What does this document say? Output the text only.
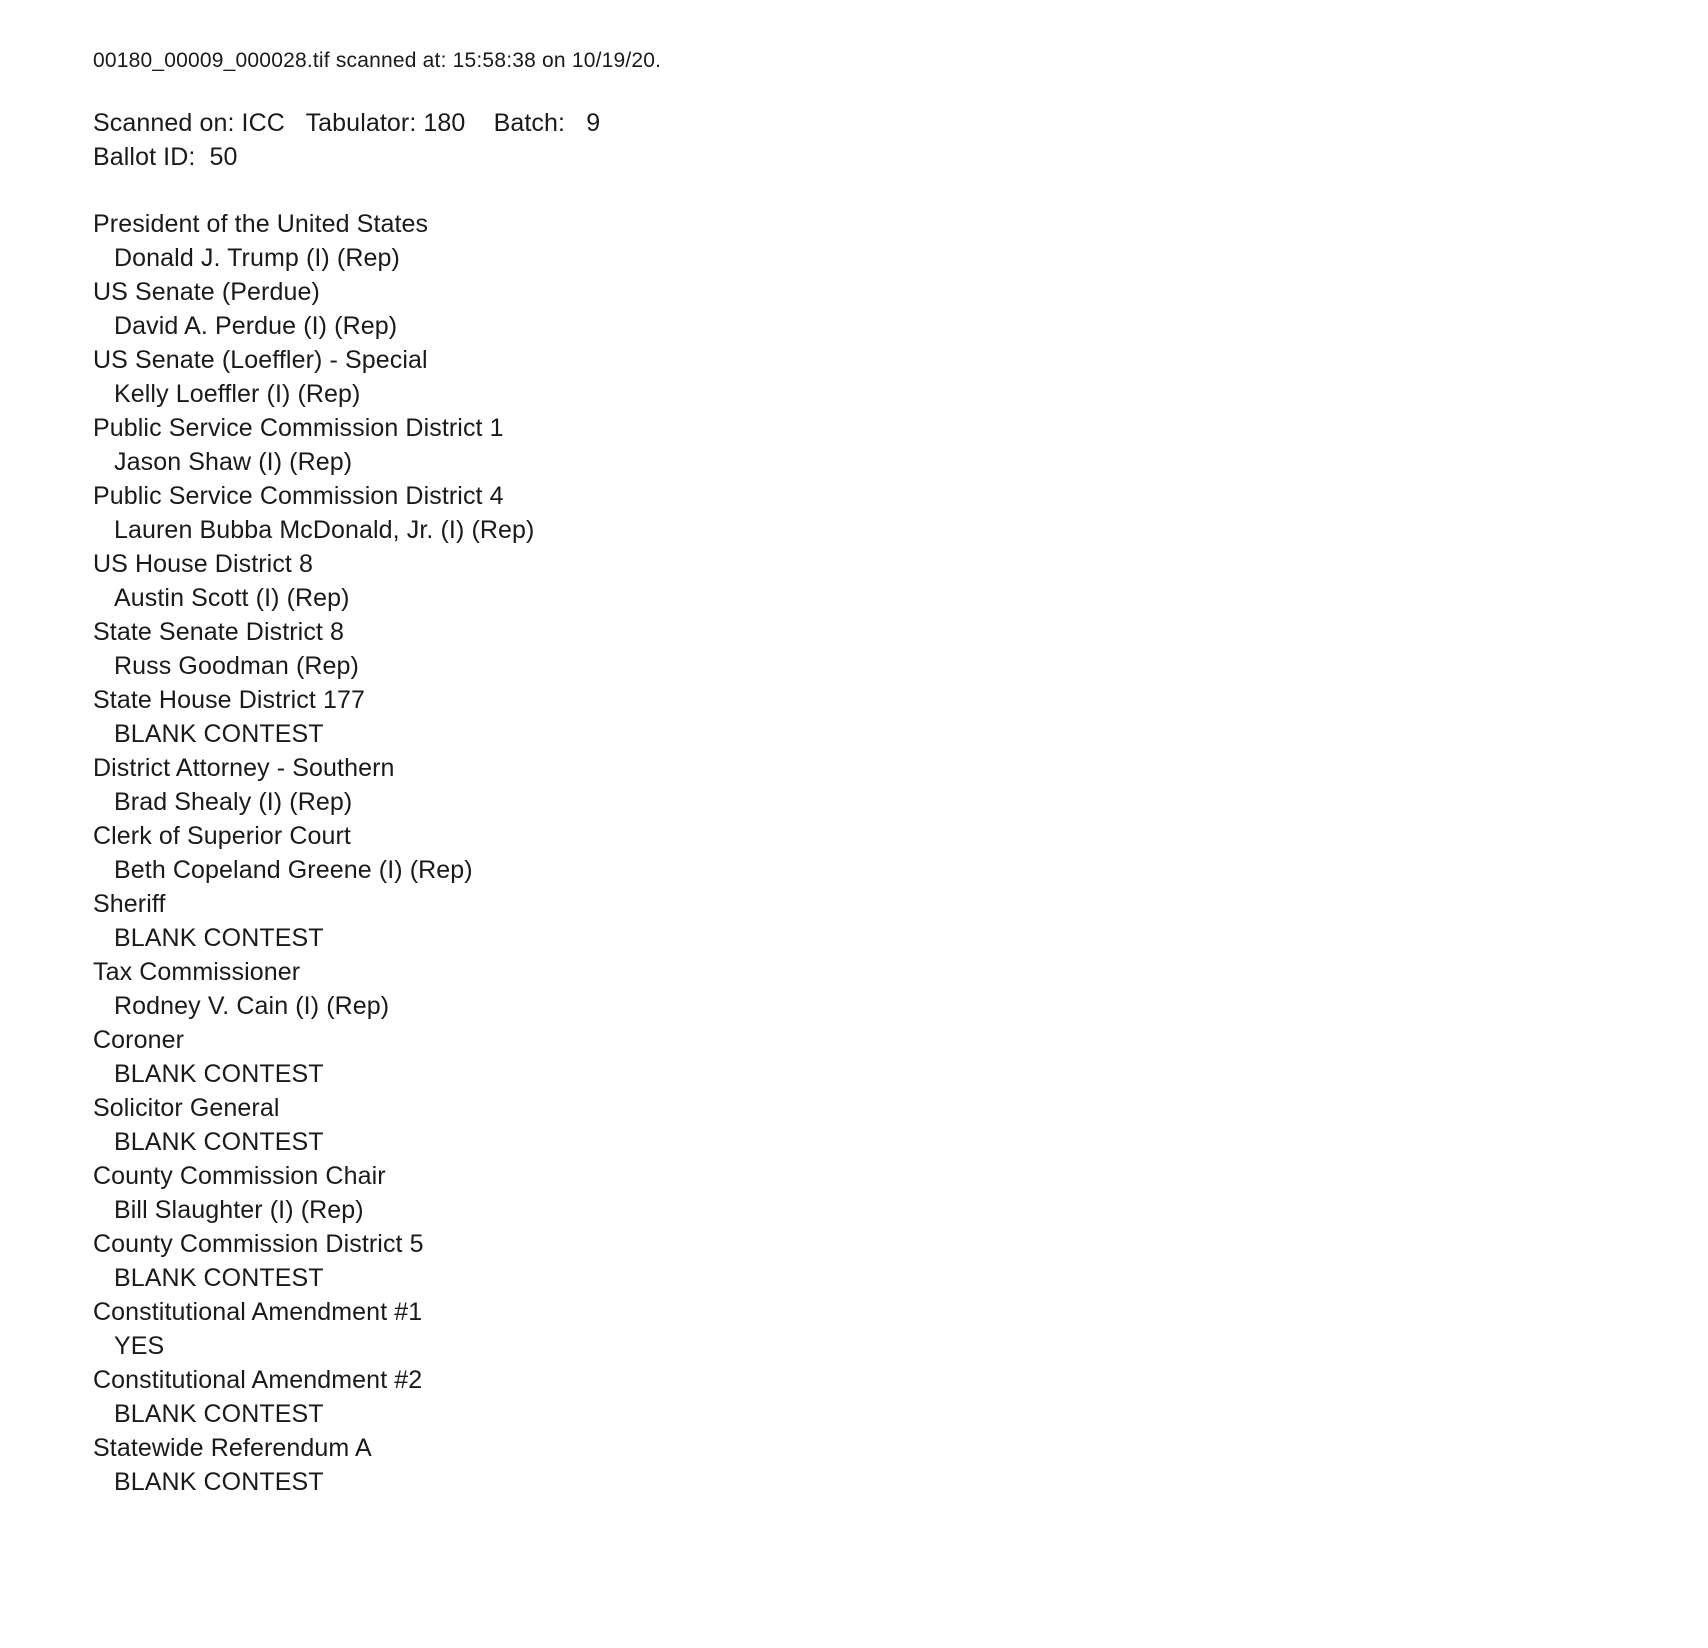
00180_00009_000028.tif scanned at: 15:58:38 on 10/19/20.

Scanned on: ICC   Tabulator: 180    Batch:   9

Ballot ID:  50

President of the United States
Donald J. Trump (I) (Rep)
US Senate (Perdue)
David A. Perdue (I) (Rep)
US Senate (Loeffler) - Special
Kelly Loeffler (I) (Rep)
Public Service Commission District 1
Jason Shaw (I) (Rep)
Public Service Commission District 4
Lauren Bubba McDonald, Jr. (I) (Rep)
US House District 8
Austin Scott (I) (Rep)
State Senate District 8
Russ Goodman (Rep)
State House District 177
BLANK CONTEST
District Attorney - Southern
Brad Shealy (I) (Rep)
Clerk of Superior Court
Beth Copeland Greene (I) (Rep)
Sheriff
BLANK CONTEST
Tax Commissioner
Rodney V. Cain (I) (Rep)
Coroner
BLANK CONTEST
Solicitor General
BLANK CONTEST
County Commission Chair
Bill Slaughter (I) (Rep)
County Commission District 5
BLANK CONTEST
Constitutional Amendment #1
YES
Constitutional Amendment #2
BLANK CONTEST
Statewide Referendum A
BLANK CONTEST
